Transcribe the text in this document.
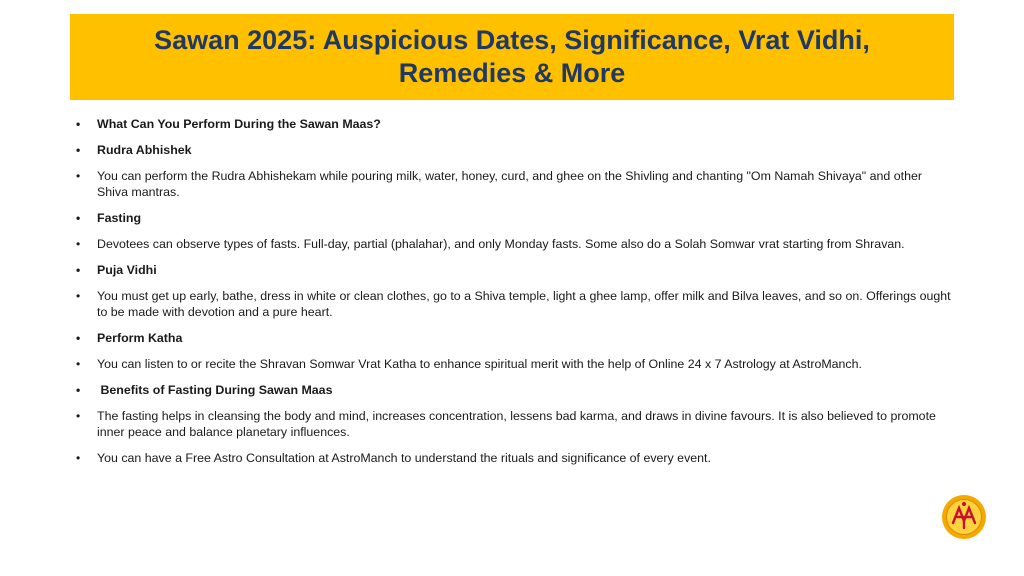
Sawan 2025: Auspicious Dates, Significance, Vrat Vidhi, Remedies & More
•	What Can You Perform During the Sawan Maas?
•	Rudra Abhishek
•	You can perform the Rudra Abhishekam while pouring milk, water, honey, curd, and ghee on the Shivling and chanting "Om Namah Shivaya" and other Shiva mantras.
•	Fasting
•	Devotees can observe types of fasts. Full-day, partial (phalahar), and only Monday fasts. Some also do a Solah Somwar vrat starting from Shravan.
•	Puja Vidhi
•	You must get up early, bathe, dress in white or clean clothes, go to a Shiva temple, light a ghee lamp, offer milk and Bilva leaves, and so on. Offerings ought to be made with devotion and a pure heart.
•	Perform Katha
•	You can listen to or recite the Shravan Somwar Vrat Katha to enhance spiritual merit with the help of Online 24 x 7 Astrology at AstroManch.
•	Benefits of Fasting During Sawan Maas
•	The fasting helps in cleansing the body and mind, increases concentration, lessens bad karma, and draws in divine favours. It is also believed to promote inner peace and balance planetary influences.
•	You can have a Free Astro Consultation at AstroManch to understand the rituals and significance of every event.
